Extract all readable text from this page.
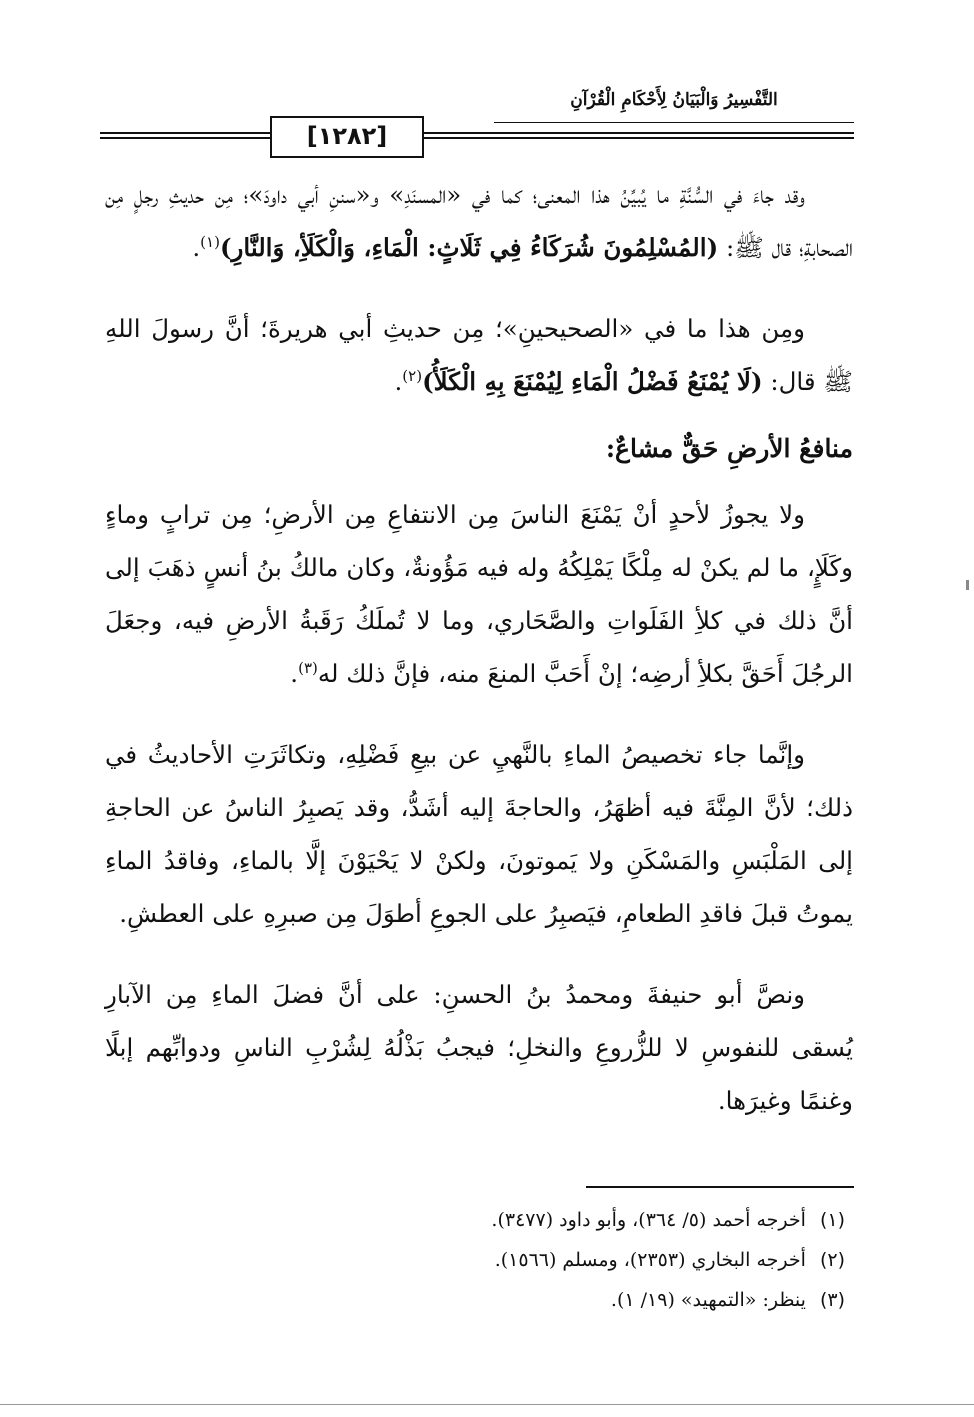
[١٢٨٢]
التَّفْسِيرُ وَالْبَيَانُ لِأَحْكَامِ الْقُرْآنِ

وقد جاءَ في السُّنَّةِ ما يُبيِّنُ هذا المعنى؛ كما في «المسنَدِ» و«سننِ أبي داودَ»؛ مِن حديثِ رجلٍ مِن الصحابةِ؛ قال ﷺ: (المُسْلِمُونَ شُرَكَاءُ فِي ثَلَاثٍ: الْمَاءِ، وَالْكَلَأِ، وَالنَّارِ)$^{(١)}$.

ومِن هذا ما في «الصحيحينِ»؛ مِن حديثِ أبي هريرةَ؛ أنَّ رسولَ اللهِ ﷺ قال: (لَا يُمْنَعُ فَضْلُ الْمَاءِ لِيُمْنَعَ بِهِ الْكَلَأُ)$^{(٢)}$.

منافعُ الأرضِ حَقٌّ مشاعٌ:

ولا يجوزُ لأحدٍ أنْ يَمْنَعَ الناسَ مِن الانتفاعِ مِن الأرضِ؛ مِن ترابٍ وماءٍ وكَلَإٍ، ما لم يكنْ له مِلْكًا يَمْلِكُهُ وله فيه مَؤُونةٌ، وكان مالكُ بنُ أنسٍ ذهَبَ إلى أنَّ ذلك في كلأِ الفَلَواتِ والصَّحَاري، وما لا تُملَكُ رَقَبةُ الأرضِ فيه، وجعَلَ الرجُلَ أَحَقَّ بكلأِ أرضِه؛ إنْ أَحَبَّ المنعَ منه، فإنَّ ذلك له$^{(٣)}$.

وإنَّما جاء تخصيصُ الماءِ بالنَّهيِ عن بيعِ فَضْلِهِ، وتكاثَرَتِ الأحاديثُ في ذلك؛ لأنَّ المِنَّةَ فيه أظهَرُ، والحاجةَ إليه أشَدُّ، وقد يَصبِرُ الناسُ عن الحاجةِ إلى المَلْبَسِ والمَسْكَنِ ولا يَموتونَ، ولكنْ لا يَحْيَوْنَ إلَّا بالماءِ، وفاقدُ الماءِ يموتُ قبلَ فاقدِ الطعامِ، فيَصبِرُ على الجوعِ أطوَلَ مِن صبرِهِ على العطشِ.

ونصَّ أبو حنيفةَ ومحمدُ بنُ الحسنِ: على أنَّ فضلَ الماءِ مِن الآبارِ يُسقى للنفوسِ لا للزُّروعِ والنخلِ؛ فيجبُ بَذْلُهُ لِشُرْبِ الناسِ ودوابِّهم إبلًا وغنمًا وغيرَها.

(١)أخرجه أحمد (٥/ ٣٦٤)، وأبو داود (٣٤٧٧).

(٢)أخرجه البخاري (٢٣٥٣)، ومسلم (١٥٦٦).

(٣)ينظر: «التمهيد» (١٩/ ١).
